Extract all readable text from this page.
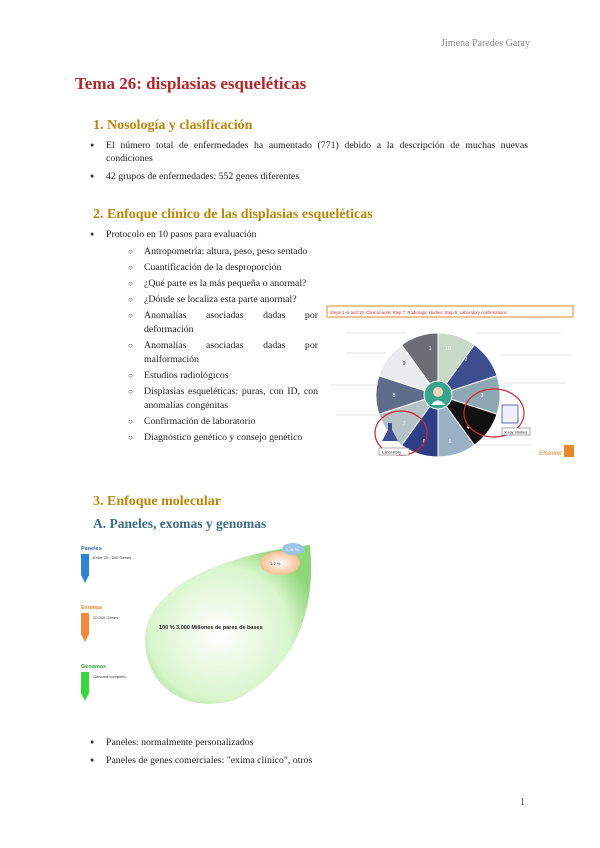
Jimena Paredes Garay
Tema 26: displasias esqueléticas
1. Nosología y clasificación
● El número total de enfermedades ha aumentado (771) debido a la descripción de muchas nuevas condiciones
● 42 grupos de enfermedades: 552 genes diferentes
2. Enfoque clínico de las displasias esqueléticas
● Protocolo en 10 pasos para evaluación
○ Antropometría: altura, peso, peso sentado
○ Cuantificación de la desproporción
○ ¿Qué parte es la más pequeña o anormal?
○ ¿Dónde se localiza esta parte anormal?
○ Anomalías asociadas dadas por deformación
○ Anomalías asociadas dadas por malformación
○ Estudios radiológicos
○ Displasias esqueléticas: puras, con ID, con anomalías congénitas
○ Confirmación de laboratorio
○ Diagnóstico genético y consejo genético
Steps 1–6 and 10: Clinical work; Step 7: Radiologic studies; Step 9: Laboratory confirmations
1
2
3
4
5
6
7
8
9
10
Laboratory
X-ray studies
Elsevier
3. Enfoque molecular
A. Paneles, exomas y genomas
Paneles
Entre 20 - 500 Genes
Exomas
20,000 Genes
Genomas
Genoma completo
100 % 3,000 Millones de pares de bases
1-2 %
0.05 %
● Paneles: normalmente personalizados
● Paneles de genes comerciales: "exima clínico", otros
1
